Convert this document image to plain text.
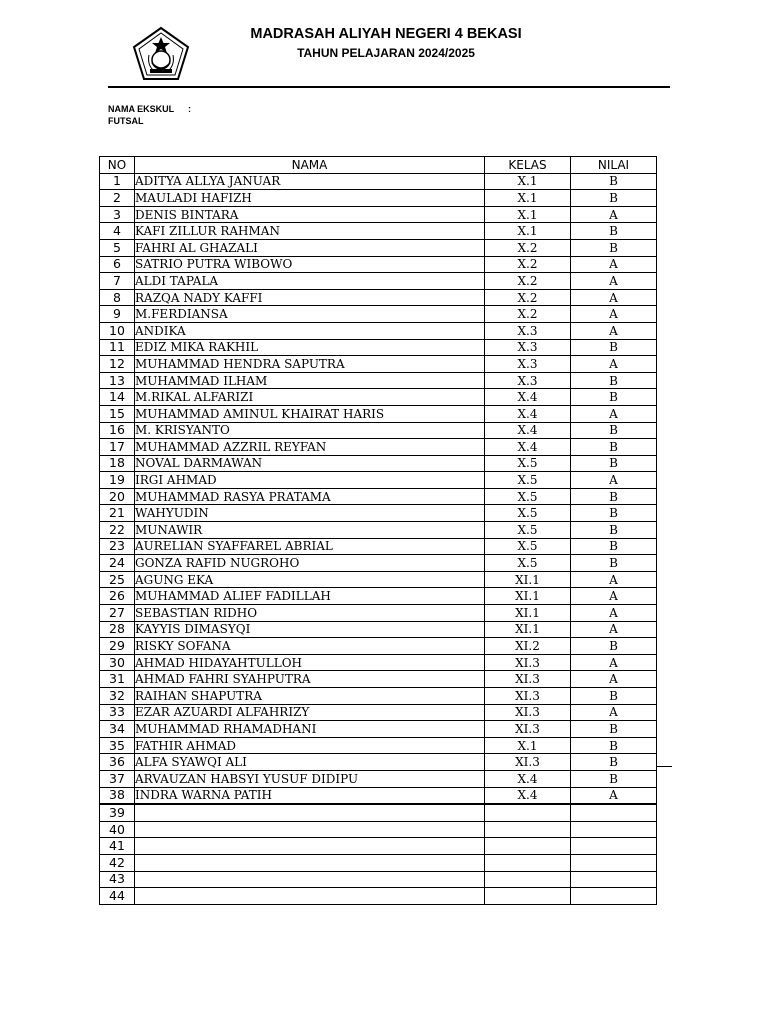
MADRASAH ALIYAH NEGERI 4 BEKASI
TAHUN PELAJARAN 2024/2025
NAMA EKSKUL :
FUTSAL
NO	NAMA	KELAS	NILAI
1	ADITYA ALLYA JANUAR	X.1	B
2	MAULADI HAFIZH	X.1	B
3	DENIS BINTARA	X.1	A
4	KAFI ZILLUR RAHMAN	X.1	B
5	FAHRI AL GHAZALI	X.2	B
6	SATRIO PUTRA WIBOWO	X.2	A
7	ALDI TAPALA	X.2	A
8	RAZQA NADY KAFFI	X.2	A
9	M.FERDIANSA	X.2	A
10	ANDIKA	X.3	A
11	EDIZ MIKA RAKHIL	X.3	B
12	MUHAMMAD HENDRA SAPUTRA	X.3	A
13	MUHAMMAD ILHAM	X.3	B
14	M.RIKAL ALFARIZI	X.4	B
15	MUHAMMAD AMINUL KHAIRAT HARIS	X.4	A
16	M. KRISYANTO	X.4	B
17	MUHAMMAD AZZRIL REYFAN	X.4	B
18	NOVAL DARMAWAN	X.5	B
19	IRGI AHMAD	X.5	A
20	MUHAMMAD RASYA PRATAMA	X.5	B
21	WAHYUDIN	X.5	B
22	MUNAWIR	X.5	B
23	AURELIAN SYAFFAREL ABRIAL	X.5	B
24	GONZA RAFID NUGROHO	X.5	B
25	AGUNG EKA	XI.1	A
26	MUHAMMAD ALIEF FADILLAH	XI.1	A
27	SEBASTIAN RIDHO	XI.1	A
28	KAYYIS DIMASYQI	XI.1	A
29	RISKY SOFANA	XI.2	B
30	AHMAD HIDAYAHTULLOH	XI.3	A
31	AHMAD FAHRI SYAHPUTRA	XI.3	A
32	RAIHAN SHAPUTRA	XI.3	B
33	EZAR AZUARDI ALFAHRIZY	XI.3	A
34	MUHAMMAD RHAMADHANI	XI.3	B
35	FATHIR AHMAD	X.1	B
36	ALFA SYAWQI ALI	XI.3	B
37	ARVAUZAN HABSYI YUSUF DIDIPU	X.4	B
38	INDRA WARNA PATIH	X.4	A
39			
40			
41			
42			
43			
44			
